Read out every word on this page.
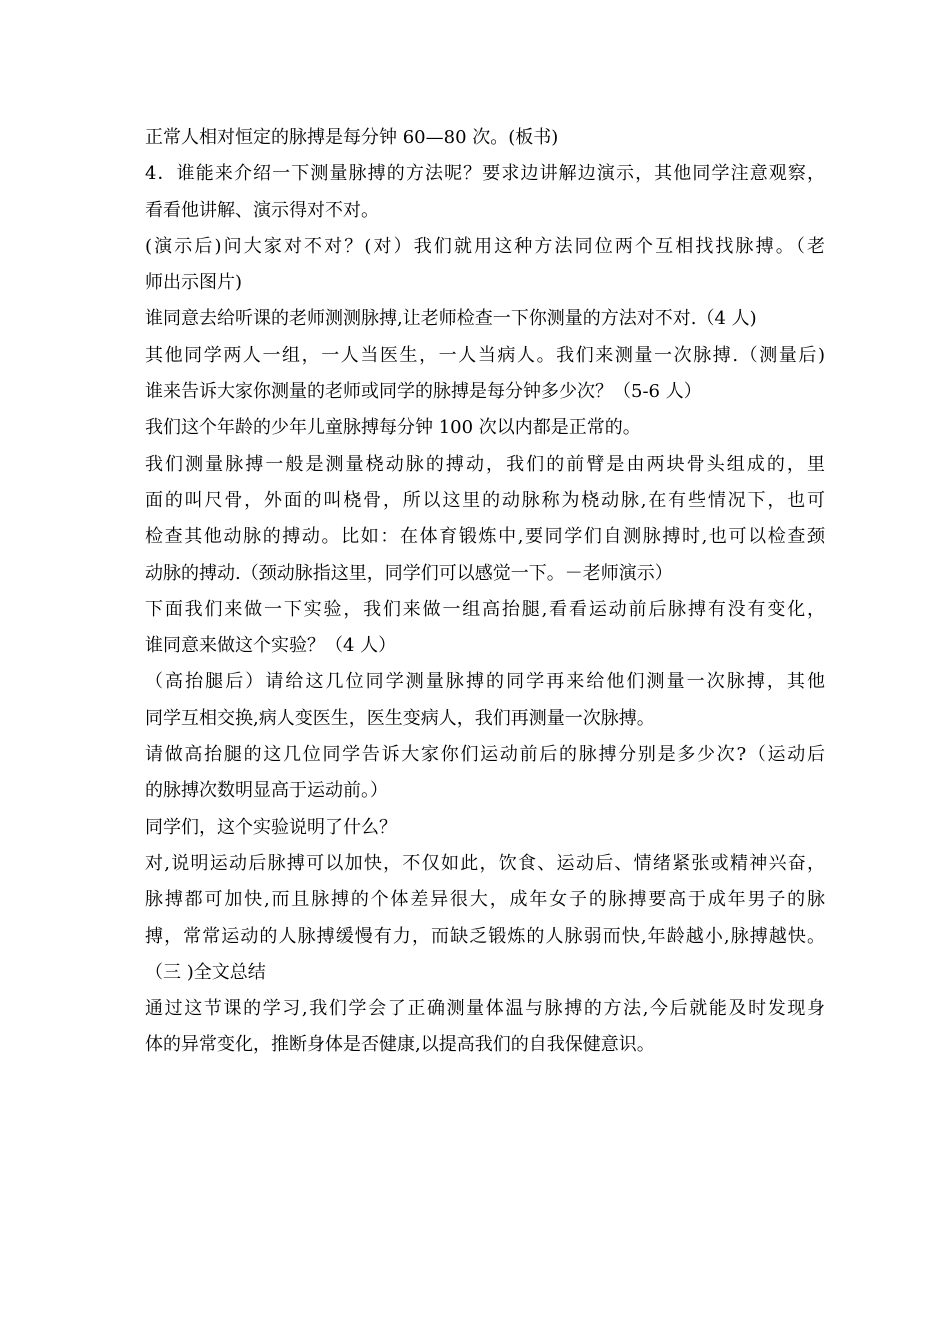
正常人相对恒定的脉搏是每分钟 60—80 次。(板书)
4．谁能来介绍一下测量脉搏的方法呢？要求边讲解边演示，其他同学注意观察，
看看他讲解、演示得对不对。
(演示后)问大家对不对？(对）我们就用这种方法同位两个互相找找脉搏。（老
师出示图片)
谁同意去给听课的老师测测脉搏,让老师检查一下你测量的方法对不对.（4 人)
其他同学两人一组，一人当医生，一人当病人。我们来测量一次脉搏.（测量后)
谁来告诉大家你测量的老师或同学的脉搏是每分钟多少次？（5-6 人）
我们这个年龄的少年儿童脉搏每分钟 100 次以内都是正常的。
我们测量脉搏一般是测量桡动脉的搏动，我们的前臂是由两块骨头组成的，里
面的叫尺骨，外面的叫桡骨，所以这里的动脉称为桡动脉,在有些情况下，也可
检查其他动脉的搏动。比如：在体育锻炼中,要同学们自测脉搏时,也可以检查颈
动脉的搏动.（颈动脉指这里，同学们可以感觉一下。－老师演示）
下面我们来做一下实验，我们来做一组高抬腿,看看运动前后脉搏有没有变化，
谁同意来做这个实验？（4 人）
（高抬腿后）请给这几位同学测量脉搏的同学再来给他们测量一次脉搏，其他
同学互相交换,病人变医生，医生变病人，我们再测量一次脉搏。
请做高抬腿的这几位同学告诉大家你们运动前后的脉搏分别是多少次?（运动后
的脉搏次数明显高于运动前。）
同学们，这个实验说明了什么？
对,说明运动后脉搏可以加快，不仅如此，饮食、运动后、情绪紧张或精神兴奋，
脉搏都可加快,而且脉搏的个体差异很大，成年女子的脉搏要高于成年男子的脉
搏，常常运动的人脉搏缓慢有力，而缺乏锻炼的人脉弱而快,年龄越小,脉搏越快。
（三 )全文总结
通过这节课的学习,我们学会了正确测量体温与脉搏的方法,今后就能及时发现身
体的异常变化，推断身体是否健康,以提高我们的自我保健意识。
